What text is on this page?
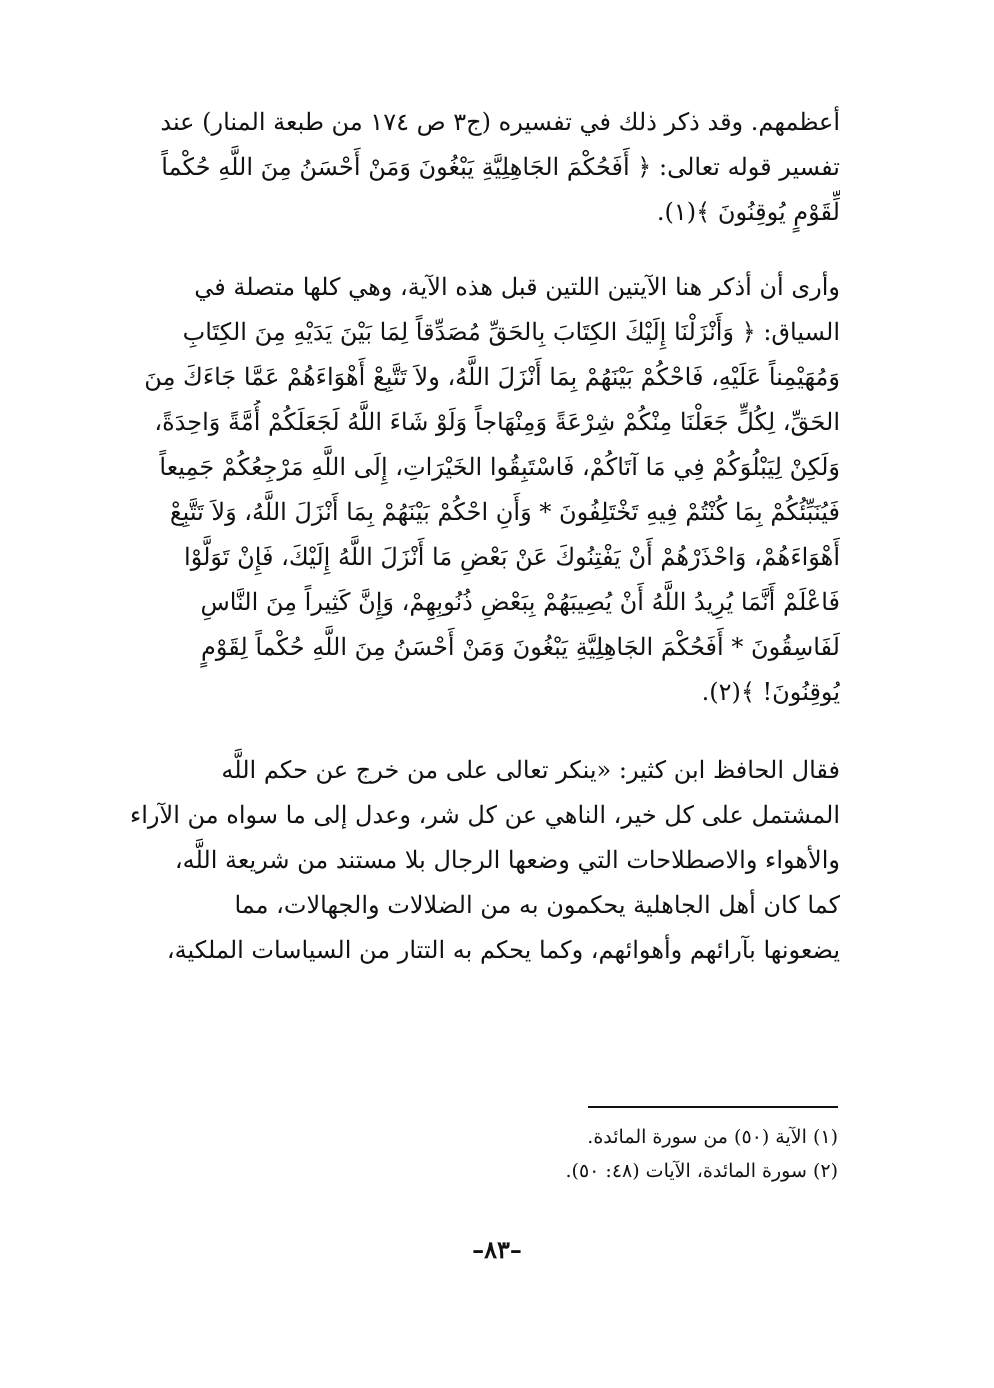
أعظمهم. وقد ذكر ذلك في تفسيره (ج٣ ص ١٧٤ من طبعة المنار) عند
تفسير قوله تعالى: ﴿ أَفَحُكْمَ الجَاهِلِيَّةِ يَبْغُونَ وَمَنْ أَحْسَنُ مِنَ اللَّهِ حُكْماً
لِّقَوْمٍ يُوقِنُونَ ﴾(١).

وأرى أن أذكر هنا الآيتين اللتين قبل هذه الآية، وهي كلها متصلة في
السياق: ﴿ وَأَنْزَلْنَا إِلَيْكَ الكِتَابَ بِالحَقِّ مُصَدِّقاً لِمَا بَيْنَ يَدَيْهِ مِنَ الكِتَابِ
وَمُهَيْمِناً عَلَيْهِ، فَاحْكُمْ بَيْنَهُمْ بِمَا أَنْزَلَ اللَّهُ، ولاَ تَتَّبِعْ أَهْوَاءَهُمْ عَمَّا جَاءَكَ مِنَ
الحَقِّ، لِكُلٍّ جَعَلْنَا مِنْكُمْ شِرْعَةً وَمِنْهَاجاً وَلَوْ شَاءَ اللَّهُ لَجَعَلَكُمْ أُمَّةً وَاحِدَةً،
وَلَكِنْ لِيَبْلُوَكُمْ فِي مَا آتَاكُمْ، فَاسْتَبِقُوا الخَيْرَاتِ، إِلَى اللَّهِ مَرْجِعُكُمْ جَمِيعاً
فَيُنَبِّئُكُمْ بِمَا كُنْتُمْ فِيهِ تَخْتَلِفُونَ * وَأَنِ احْكُمْ بَيْنَهُمْ بِمَا أَنْزَلَ اللَّهُ، وَلاَ تَتَّبِعْ
أَهْوَاءَهُمْ، وَاحْذَرْهُمْ أَنْ يَفْتِنُوكَ عَنْ بَعْضِ مَا أَنْزَلَ اللَّهُ إِلَيْكَ، فَإِنْ تَوَلَّوْا
فَاعْلَمْ أَنَّمَا يُرِيدُ اللَّهُ أَنْ يُصِيبَهُمْ بِبَعْضِ ذُنُوبِهِمْ، وَإِنَّ كَثِيراً مِنَ النَّاسِ
لَفَاسِقُونَ * أَفَحُكْمَ الجَاهِلِيَّةِ يَبْغُونَ وَمَنْ أَحْسَنُ مِنَ اللَّهِ حُكْماً لِقَوْمٍ
يُوقِنُونَ! ﴾(٢).

فقال الحافظ ابن كثير: «ينكر تعالى على من خرج عن حكم اللَّه
المشتمل على كل خير، الناهي عن كل شر، وعدل إلى ما سواه من الآراء
والأهواء والاصطلاحات التي وضعها الرجال بلا مستند من شريعة اللَّه،
كما كان أهل الجاهلية يحكمون به من الضلالات والجهالات، مما
يضعونها بآرائهم وأهوائهم، وكما يحكم به التتار من السياسات الملكية،

(١) الآية (٥٠) من سورة المائدة.
(٢) سورة المائدة، الآيات (٤٨: ٥٠).
–٨٣–
